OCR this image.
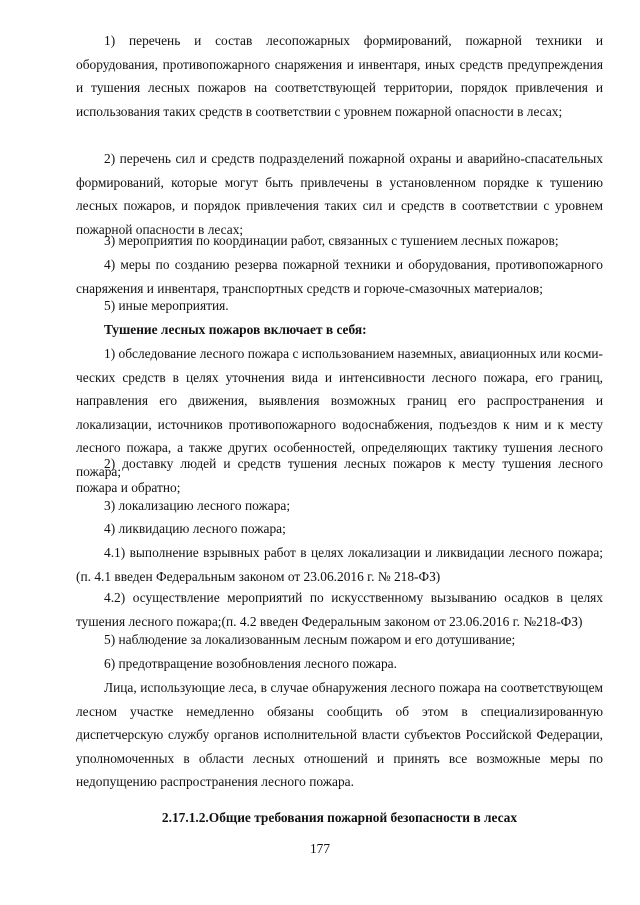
1) перечень и состав лесопожарных формирований, пожарной техники и оборудования, противопожарного снаряжения и инвентаря, иных средств предупреждения и тушения лесных пожаров на соответствующей территории, порядок привлечения и использования таких средств в соответствии с уровнем пожарной опасности в лесах;

2) перечень сил и средств подразделений пожарной охраны и аварийно-спасательных формирований, которые могут быть привлечены в установленном порядке к тушению лесных пожаров, и порядок привлечения таких сил и средств в соответствии с уровнем пожарной опасности в лесах;

3) мероприятия по координации работ, связанных с тушением лесных пожаров;

4) меры по созданию резерва пожарной техники и оборудования, противопожарного снаряжения и инвентаря, транспортных средств и горюче-смазочных материалов;

5) иные мероприятия.

Тушение лесных пожаров включает в себя:

1) обследование лесного пожара с использованием наземных, авиационных или космических средств в целях уточнения вида и интенсивности лесного пожара, его границ, направления его движения, выявления возможных границ его распространения и локализации, источников противопожарного водоснабжения, подъездов к ним и к месту лесного пожара, а также других особенностей, определяющих тактику тушения лесного пожара;

2) доставку людей и средств тушения лесных пожаров к месту тушения лесного пожара и обратно;

3) локализацию лесного пожара;

4) ликвидацию лесного пожара;

4.1) выполнение взрывных работ в целях локализации и ликвидации лесного пожара;(п. 4.1 введен Федеральным законом от 23.06.2016 г. № 218-ФЗ)

4.2) осуществление мероприятий по искусственному вызыванию осадков в целях тушения лесного пожара;(п. 4.2 введен Федеральным законом от 23.06.2016 г. №218-ФЗ)

5) наблюдение за локализованным лесным пожаром и его дотушивание;

6) предотвращение возобновления лесного пожара.

Лица, использующие леса, в случае обнаружения лесного пожара на соответствующем лесном участке немедленно обязаны сообщить об этом в специализированную диспетчерскую службу органов исполнительной власти субъектов Российской Федерации, уполномоченных в области лесных отношений и принять все возможные меры по недопущению распространения лесного пожара.

2.17.1.2.Общие требования пожарной безопасности в лесах

177
